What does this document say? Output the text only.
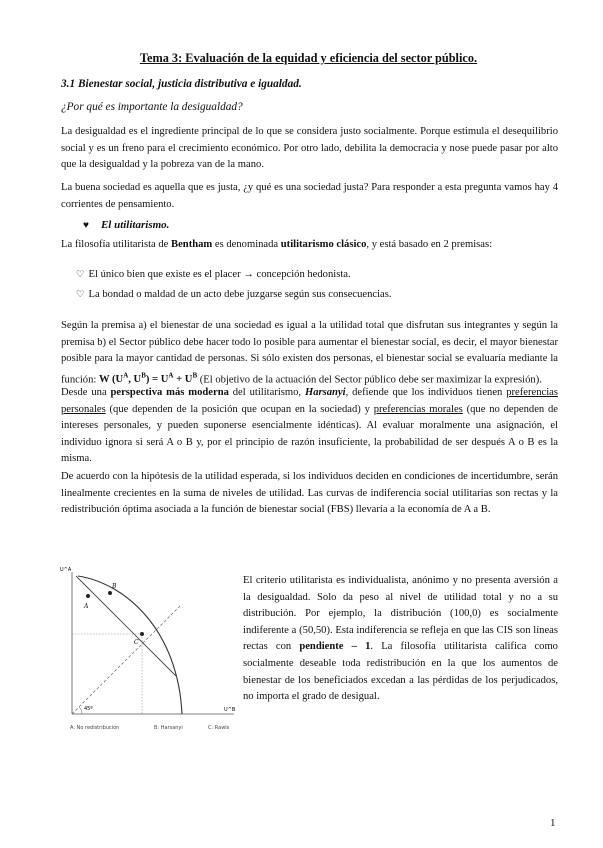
Tema 3: Evaluación de la equidad y eficiencia del sector público.
3.1 Bienestar social, justicia distributiva e igualdad.
¿Por qué es importante la desigualdad?

La desigualdad es el ingrediente principal de lo que se considera justo socialmente. Porque estimula el desequilibrio social y es un freno para el crecimiento económico. Por otro lado, debilita la democracia y nose puede pasar por alto que la desigualdad y la pobreza van de la mano.

La buena sociedad es aquella que es justa, ¿y qué es una sociedad justa? Para responder a esta pregunta vamos hay 4 corrientes de pensamiento.

♥ El utilitarismo.

La filosofía utilitarista de Bentham es denominada utilitarismo clásico, y está basado en 2 premisas:

♡ El único bien que existe es el placer → concepción hedonista.
♡ La bondad o maldad de un acto debe juzgarse según sus consecuencias.

Según la premisa a) el bienestar de una sociedad es igual a la utilidad total que disfrutan sus integrantes y según la premisa b) el Sector público debe hacer todo lo posible para aumentar el bienestar social, es decir, el mayor bienestar posible para la mayor cantidad de personas. Si sólo existen dos personas, el bienestar social se evaluaría mediante la función: W ($U^A$, $U^B) = U^A + U^B$ (El objetivo de la actuación del Sector público debe ser maximizar la expresión).

Desde una perspectiva más moderna del utilitarismo, Harsanyi, defiende que los individuos tienen preferencias personales (que dependen de la posición que ocupan en la sociedad) y preferencias morales (que no dependen de intereses personales, y pueden suponerse esencialmente idénticas). Al evaluar moralmente una asignación, el individuo ignora si será A o B y, por el principio de razón insuficiente, la probabilidad de ser después A o B es la misma.

De acuerdo con la hipótesis de la utilidad esperada, si los individuos deciden en condiciones de incertidumbre, serán linealmente crecientes en la suma de niveles de utilidad. Las curvas de indiferencia social utilitarias son rectas y la redistribución óptima asociada a la función de bienestar social (FBS) llevaría a la economía de A a B.

A
B
C
U^A
U^B
45º
A: No redistribución	B: Harsanyi	C: Rawls

El criterio utilitarista es individualista, anónimo y no presenta aversión a la desigualdad. Solo da peso al nivel de utilidad total y no a su distribución. Por ejemplo, la distribución (100,0) es socialmente indiferente a (50,50). Esta indiferencia se refleja en que las CIS son líneas rectas con pendiente – 1. La filosofía utilitarista califica como socialmente deseable toda redistribución en la que los aumentos de bienestar de los beneficiados excedan a las pérdidas de los perjudicados, no importa el grado de desigual.

1
